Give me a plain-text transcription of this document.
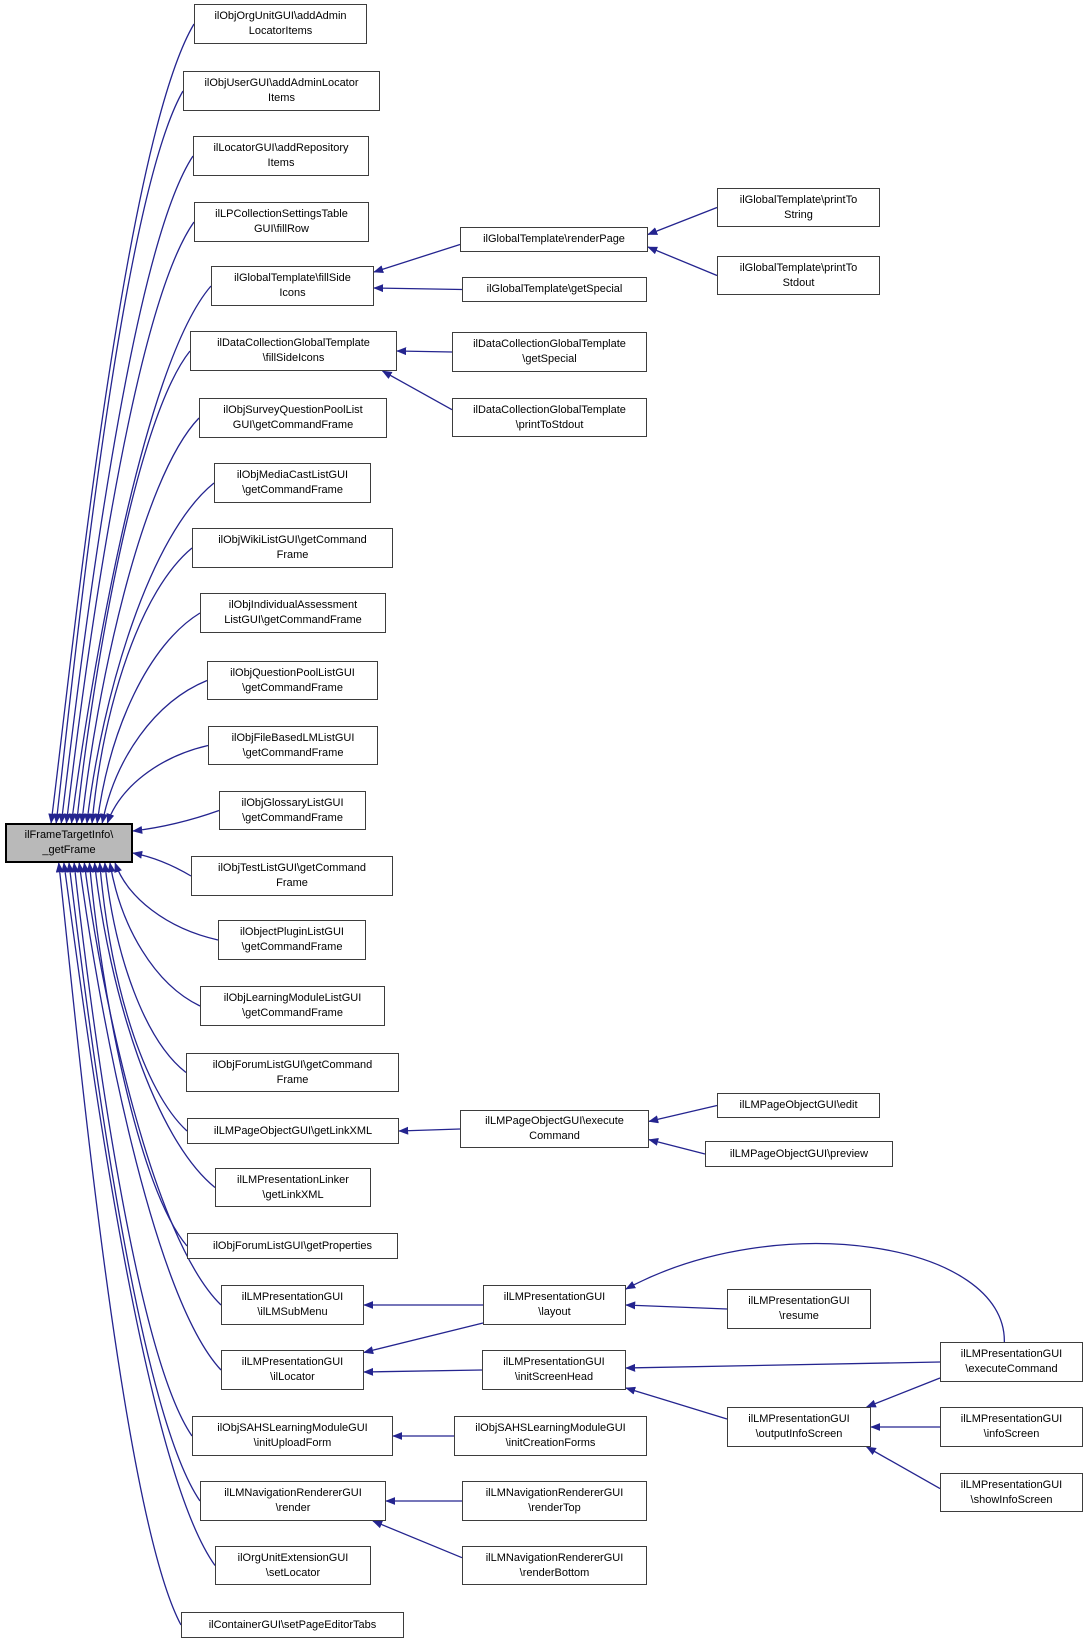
ilFrameTargetInfo\
_getFrame
ilObjOrgUnitGUI\addAdmin
LocatorItems
ilObjUserGUI\addAdminLocator
Items
ilLocatorGUI\addRepository
Items
ilLPCollectionSettingsTable
GUI\fillRow
ilGlobalTemplate\fillSide
Icons
ilDataCollectionGlobalTemplate
\fillSideIcons
ilObjSurveyQuestionPoolList
GUI\getCommandFrame
ilObjMediaCastListGUI
\getCommandFrame
ilObjWikiListGUI\getCommand
Frame
ilObjIndividualAssessment
ListGUI\getCommandFrame
ilObjQuestionPoolListGUI
\getCommandFrame
ilObjFileBasedLMListGUI
\getCommandFrame
ilObjGlossaryListGUI
\getCommandFrame
ilObjTestListGUI\getCommand
Frame
ilObjectPluginListGUI
\getCommandFrame
ilObjLearningModuleListGUI
\getCommandFrame
ilObjForumListGUI\getCommand
Frame
ilLMPageObjectGUI\getLinkXML
ilLMPresentationLinker
\getLinkXML
ilObjForumListGUI\getProperties
ilLMPresentationGUI
\ilLMSubMenu
ilLMPresentationGUI
\ilLocator
ilObjSAHSLearningModuleGUI
\initUploadForm
ilLMNavigationRendererGUI
\render
ilOrgUnitExtensionGUI
\setLocator
ilContainerGUI\setPageEditorTabs
ilGlobalTemplate\renderPage
ilGlobalTemplate\getSpecial
ilDataCollectionGlobalTemplate
\getSpecial
ilDataCollectionGlobalTemplate
\printToStdout
ilGlobalTemplate\printTo
String
ilGlobalTemplate\printTo
Stdout
ilLMPageObjectGUI\execute
Command
ilLMPageObjectGUI\edit
ilLMPageObjectGUI\preview
ilLMPresentationGUI
\layout
ilLMPresentationGUI
\initScreenHead
ilObjSAHSLearningModuleGUI
\initCreationForms
ilLMNavigationRendererGUI
\renderTop
ilLMNavigationRendererGUI
\renderBottom
ilLMPresentationGUI
\resume
ilLMPresentationGUI
\executeCommand
ilLMPresentationGUI
\outputInfoScreen
ilLMPresentationGUI
\infoScreen
ilLMPresentationGUI
\showInfoScreen
